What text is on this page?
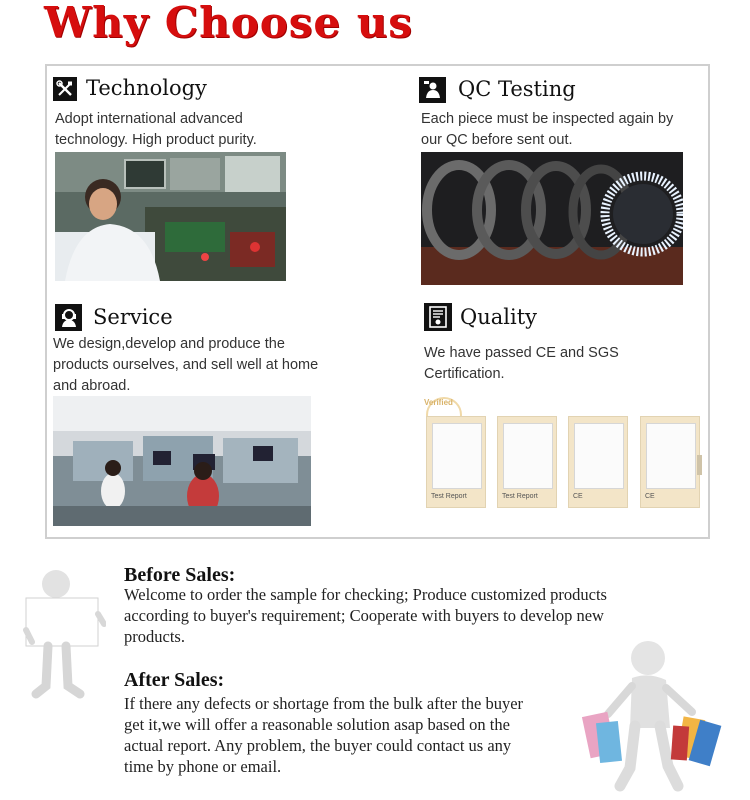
Why Choose us
Technology
Adopt international advanced technology. High product purity.
QC Testing
Each piece must be inspected again by our QC before sent out.
Service
We design,develop and produce the products ourselves, and sell well at home and abroad.
Quality
We have passed CE and SGS Certification.
Verified
Test Report	Test Report	CE	CE
Before Sales:
Welcome to order the sample for checking; Produce customized products according to buyer's requirement; Cooperate with buyers to develop new products.
After Sales:
If there any defects or shortage from the bulk after the buyer get it,we will offer a reasonable solution asap based on the actual report. Any problem, the buyer could contact us any time by phone or email.
